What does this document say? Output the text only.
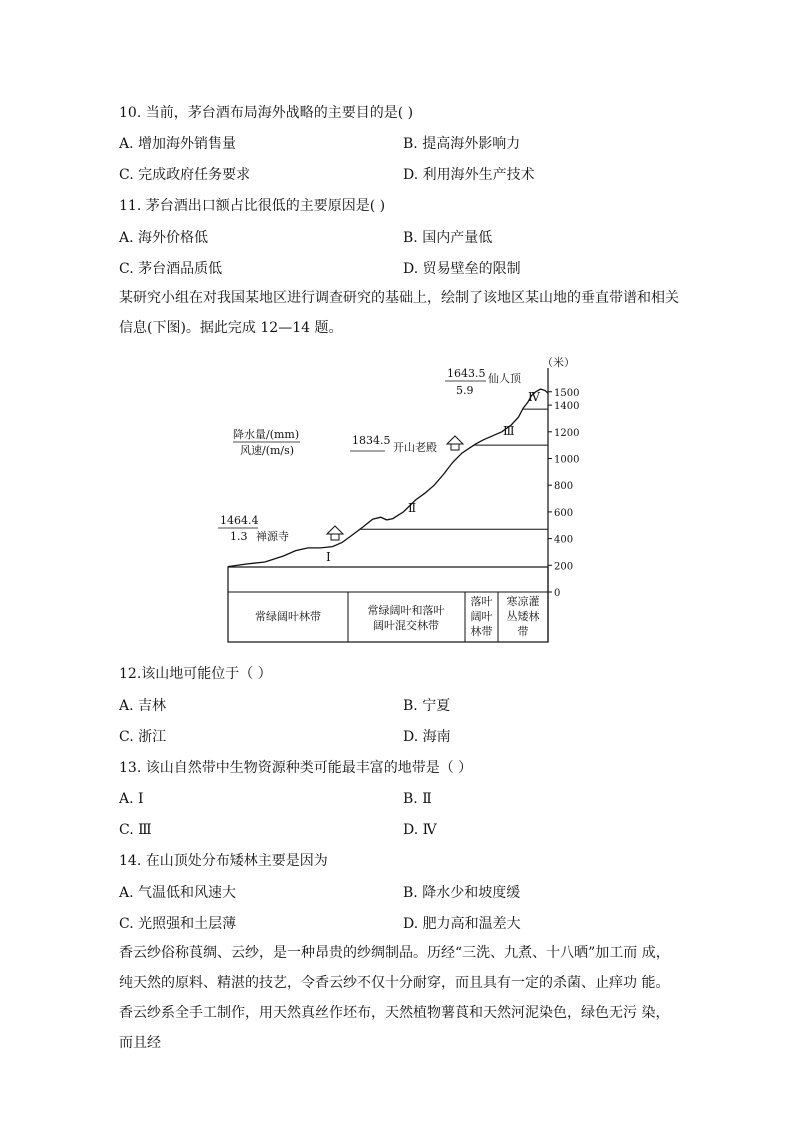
10. 当前，茅台酒布局海外战略的主要目的是( )
A. 增加海外销售量	B. 提高海外影响力
C. 完成政府任务要求	D. 利用海外生产技术
11. 茅台酒出口额占比很低的主要原因是( )
A. 海外价格低	B. 国内产量低
C. 茅台酒品质低	D. 贸易壁垒的限制
某研究小组在对我国某地区进行调查研究的基础上，绘制了该地区某山地的垂直带谱和相关信息(下图)。据此完成 12—14 题。
0
200
400
600
800
1000
1200
1400
1500
（米）
降水量/(mm)
风速/(m/s)
1464.4
1.3 禅源寺
1834.5
开山老殿
1643.5
5.9
仙人顶
Ⅰ
Ⅱ
Ⅲ
Ⅳ
常绿阔叶林带	常绿阔叶和落叶
阔叶混交林带
落叶
阔叶
林带
寒凉灌
丛矮林
带
12.该山地可能位于（ ）
A. 吉林	B. 宁夏
C. 浙江	D. 海南
13. 该山自然带中生物资源种类可能最丰富的地带是（ ）
A. Ⅰ	B. Ⅱ
C. Ⅲ	D. Ⅳ
14. 在山顶处分布矮林主要是因为
A. 气温低和风速大	B. 降水少和坡度缓
C. 光照强和土层薄	D. 肥力高和温差大
香云纱俗称莨绸、云纱，是一种昂贵的纱绸制品。历经“三洗、九煮、十八晒”加工而 成，纯天然的原料、精湛的技艺，令香云纱不仅十分耐穿，而且具有一定的杀菌、止痒功 能。香云纱系全手工制作，用天然真丝作坯布，天然植物薯莨和天然河泥染色，绿色无污 染，而且经
